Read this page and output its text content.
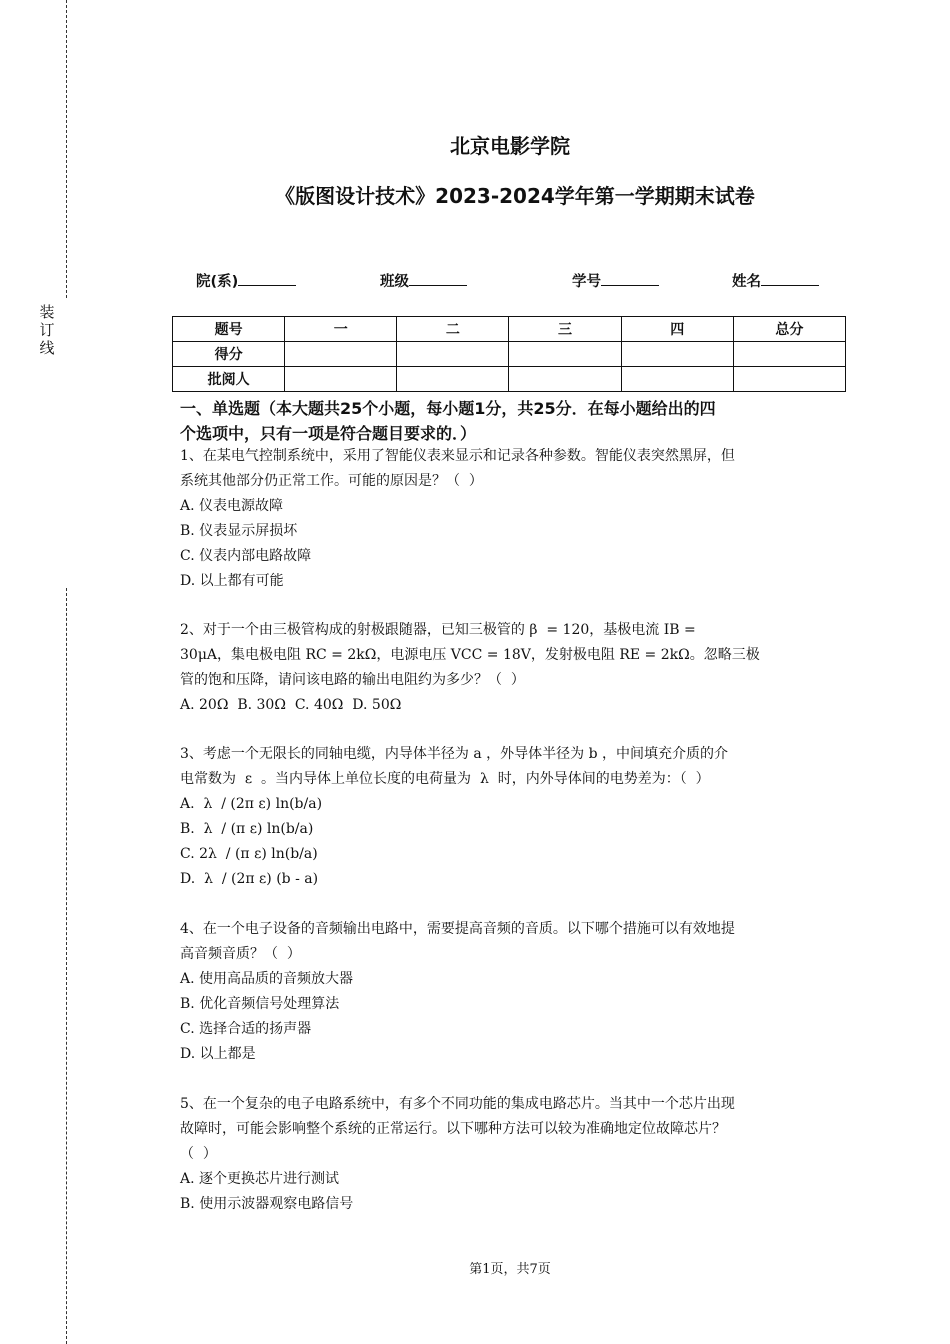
装
订
线
北京电影学院
《版图设计技术》2023-2024学年第一学期期末试卷
院(系)	班级	学号	姓名
题号	一	二	三	四	总分
得分					
批阅人					
一、单选题（本大题共25个小题，每小题1分，共25分．在每小题给出的四
个选项中，只有一项是符合题目要求的．）

1、在某电气控制系统中，采用了智能仪表来显示和记录各种参数。智能仪表突然黑屏，但

系统其他部分仍正常工作。可能的原因是？（  ）

A. 仪表电源故障

B. 仪表显示屏损坏

C. 仪表内部电路故障

D. 以上都有可能

2、对于一个由三极管构成的射极跟随器，已知三极管的 β  = 120，基极电流 IB =

30μA，集电极电阻 RC = 2kΩ，电源电压 VCC = 18V，发射极电阻 RE = 2kΩ。忽略三极

管的饱和压降，请问该电路的输出电阻约为多少？（  ）

A. 20Ω  B. 30Ω  C. 40Ω  D. 50Ω

3、考虑一个无限长的同轴电缆，内导体半径为 a ，外导体半径为 b ，中间填充介质的介

电常数为  ε  。当内导体上单位长度的电荷量为  λ  时，内外导体间的电势差为：（  ）

A.  λ  / (2π ε) ln(b/a)

B.  λ  / (π ε) ln(b/a)

C. 2λ  / (π ε) ln(b/a)

D.  λ  / (2π ε) (b - a)

4、在一个电子设备的音频输出电路中，需要提高音频的音质。以下哪个措施可以有效地提

高音频音质？（  ）

A. 使用高品质的音频放大器

B. 优化音频信号处理算法

C. 选择合适的扬声器

D. 以上都是

5、在一个复杂的电子电路系统中，有多个不同功能的集成电路芯片。当其中一个芯片出现

故障时，可能会影响整个系统的正常运行。以下哪种方法可以较为准确地定位故障芯片？

（  ）

A. 逐个更换芯片进行测试

B. 使用示波器观察电路信号

第1页，共7页
